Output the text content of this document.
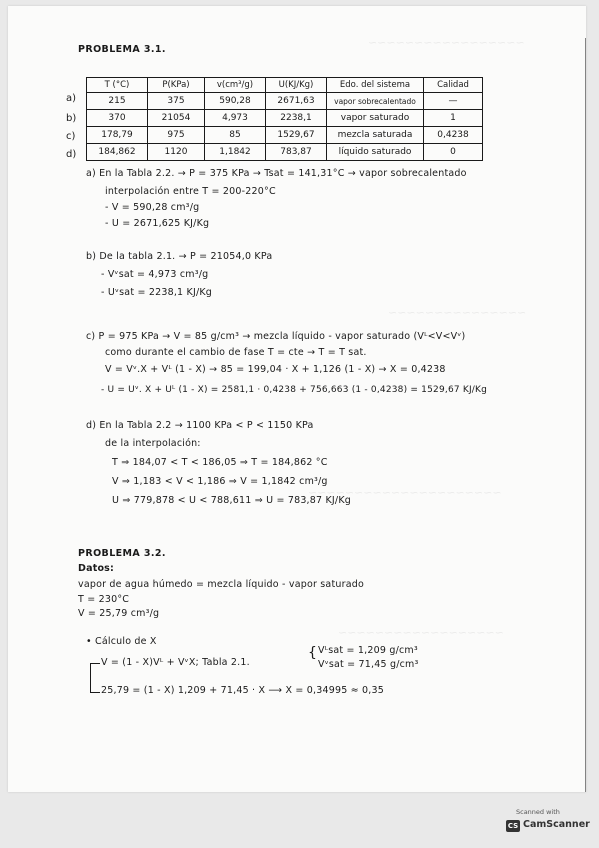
~~~~~~~~~~~~~~~~~
~~~~~~~~~~~~~~~
~~~~~~~~~~~~~~~~~~~~~
~~~~~~~~~~~~~~~~~~
PROBLEMA 3.1.
a)
b)
c)
d)
T (°C)	P(KPa)	v(cm³/g)	U(KJ/Kg)	Edo. del sistema	Calidad
215	375	590,28	2671,63	vapor sobrecalentado	—
370	21054	4,973	2238,1	vapor saturado	1
178,79	975	85	1529,67	mezcla saturada	0,4238
184,862	1120	1,1842	783,87	líquido saturado	0
a) En la Tabla 2.2. → P = 375 KPa → Tsat = 141,31°C → vapor sobrecalentado
interpolación entre T = 200-220°C
- V = 590,28 cm³/g
- U = 2671,625 KJ/Kg
b) De la tabla 2.1. → P = 21054,0 KPa
- Vᵛsat = 4,973 cm³/g
- Uᵛsat = 2238,1 KJ/Kg
c) P = 975 KPa → V = 85 g/cm³ → mezcla líquido - vapor saturado (Vᴸ<V<Vᵛ)
como durante el cambio de fase T = cte → T = T sat.
V = Vᵛ.X + Vᴸ (1 - X) → 85 = 199,04 · X + 1,126 (1 - X) → X = 0,4238
- U = Uᵛ. X + Uᴸ (1 - X) = 2581,1 · 0,4238 + 756,663 (1 - 0,4238) = 1529,67 KJ/Kg
d) En la Tabla 2.2 → 1100 KPa < P < 1150 KPa
de la interpolación:
T ⇒ 184,07 < T < 186,05 ⇒ T = 184,862 °C
V ⇒ 1,183 < V < 1,186 ⇒ V = 1,1842 cm³/g
U ⇒ 779,878 < U < 788,611 ⇒ U = 783,87 KJ/Kg
PROBLEMA 3.2.
Datos:
vapor de agua húmedo = mezcla líquido - vapor saturado
T = 230°C
V = 25,79 cm³/g
• Cálculo de X
V = (1 - X)Vᴸ + VᵛX; Tabla 2.1.
{ Vᴸsat = 1,209 g/cm³
Vᵛsat = 71,45 g/cm³
25,79 = (1 - X) 1,209 + 71,45 · X ⟶ X = 0,34995 ≈ 0,35
Scanned with
CS CamScanner
